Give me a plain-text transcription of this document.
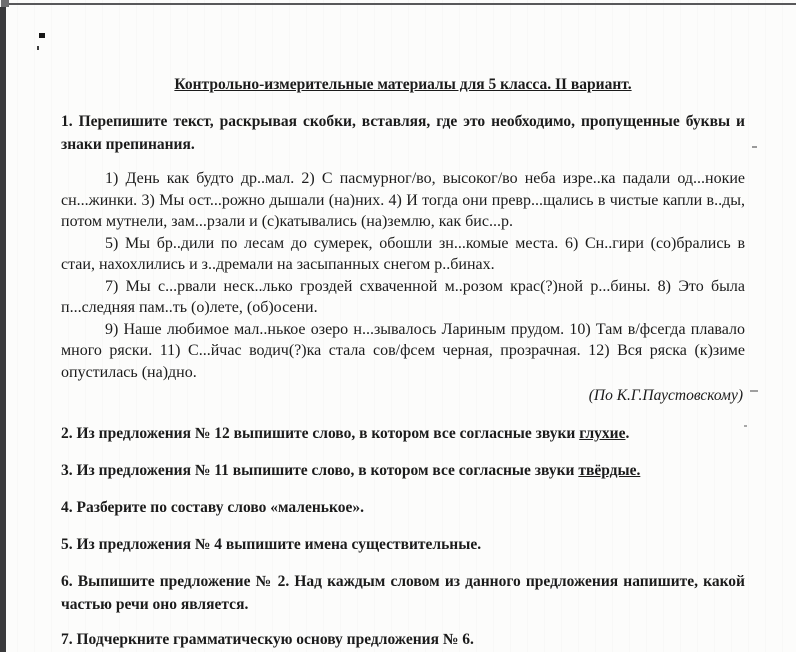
Контрольно-измерительные материалы для 5 класса. II вариант.

1. Перепишите текст, раскрывая скобки, вставляя, где это необходимо, пропущенные буквы и знаки препинания.

1) День как будто др..мал. 2) С пасмурног/во, высоког/во неба изре..ка падали од...нокие сн...жинки. 3) Мы ост...рожно дышали (на)них. 4) И тогда они превр...щались в чистые капли в..ды, потом мутнели, зам...рзали и (с)катывались (на)землю, как бис...р.

5) Мы бр..дили по лесам до сумерек, обошли зн...комые места. 6) Сн..гири (со)брались в стаи, нахохлились и з..дремали на засыпанных снегом р..бинах.

7) Мы с...рвали неск..лько гроздей схваченной м..розом крас(?)ной р...бины. 8) Это была п...следняя пам..ть (о)лете, (об)осени.

9) Наше любимое мал..нькое озеро н...зывалось Лариным прудом. 10) Там в/фсегда плавало много ряски. 11) С...йчас водич(?)ка стала сов/фсем черная, прозрачная. 12) Вся ряска (к)зиме опустилась (на)дно.

(По К.Г.Паустовскому)

2. Из предложения № 12 выпишите слово, в котором все согласные звуки глухие.

3. Из предложения № 11 выпишите слово, в котором все согласные звуки твёрдые.

4. Разберите по составу слово «маленькое».

5. Из предложения № 4 выпишите имена существительные.

6. Выпишите предложение № 2. Над каждым словом из данного предложения напишите, какой частью речи оно является.

7. Подчеркните грамматическую основу предложения № 6.
